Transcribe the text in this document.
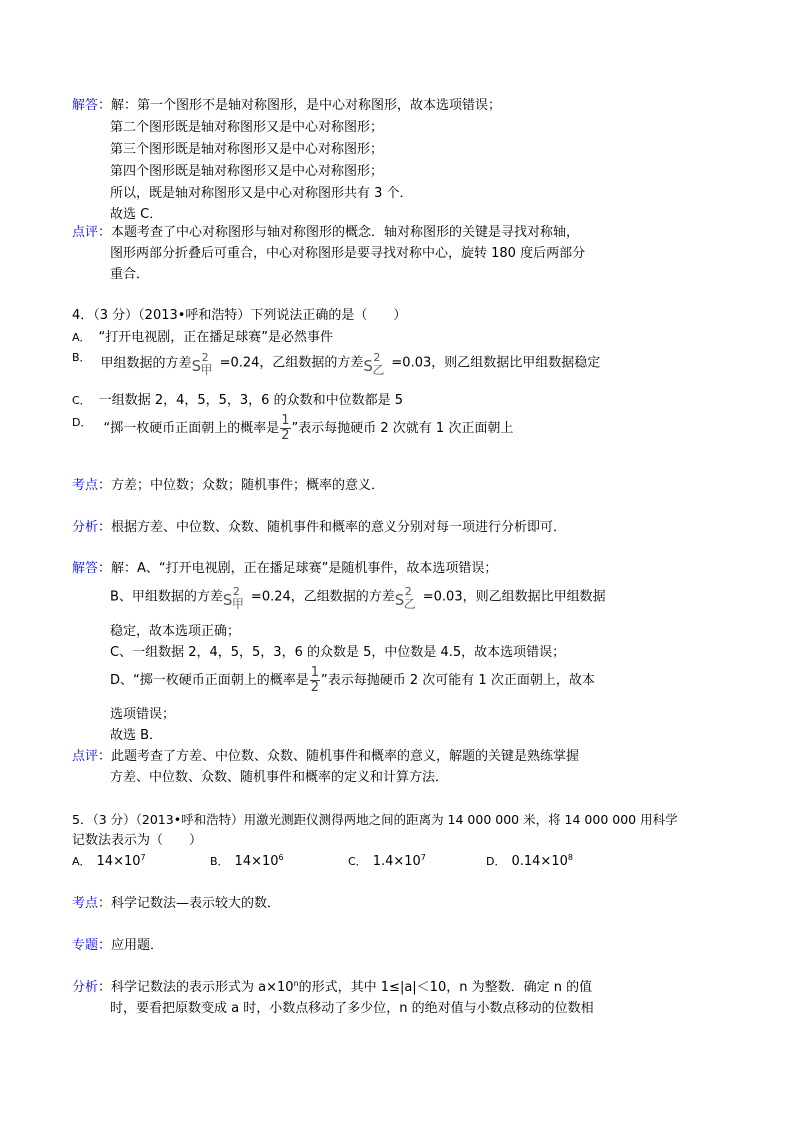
解答：解：第一个图形不是轴对称图形，是中心对称图形，故本选项错误；
第二个图形既是轴对称图形又是中心对称图形；
第三个图形既是轴对称图形又是中心对称图形；
第四个图形既是轴对称图形又是中心对称图形；
所以，既是轴对称图形又是中心对称图形共有 3 个．
故选 C．
点评：本题考查了中心对称图形与轴对称图形的概念．轴对称图形的关键是寻找对称轴，
图形两部分折叠后可重合，中心对称图形是要寻找对称中心，旋转 180 度后两部分
重合．
4．（3 分）（2013•呼和浩特）下列说法正确的是（　　）
A． “打开电视剧，正在播足球赛”是必然事件
$^{B.}$ 甲组数据的方差 S 2
甲 =0.24，乙组数据的方差 S 2
乙 =0.03，则乙组数据比甲组数据稳定
C． 一组数据 2，4，5，5，3，6 的众数和中位数都是 5
$^{D.}$ “掷一枚硬币正面朝上的概率是 $\frac{1}{2}$ ”表示每抛硬币 2 次就有 1 次正面朝上
考点：方差；中位数；众数；随机事件；概率的意义．
分析：根据方差、中位数、众数、随机事件和概率的意义分别对每一项进行分析即可．
解答：解：A、“打开电视剧，正在播足球赛”是随机事件，故本选项错误；
B、甲组数据的方差 S 2
甲 =0.24，乙组数据的方差 S 2
乙 =0.03，则乙组数据比甲组数据
稳定，故本选项正确；
C、一组数据 2，4，5，5，3，6 的众数是 5，中位数是 4.5，故本选项错误；
D、“掷一枚硬币正面朝上的概率是 $\frac{1}{2}$ ”表示每抛硬币 2 次可能有 1 次正面朝上，故本
选项错误；
故选 B．
点评：此题考查了方差、中位数、众数、随机事件和概率的意义，解题的关键是熟练掌握
方差、中位数、众数、随机事件和概率的定义和计算方法．
5．（3 分）（2013•呼和浩特）用激光测距仪测得两地之间的距离为 14 000 000 米，将 14 000 000 用科学
记数法表示为（　　）
A． $14\times 10^7$	B． $14\times 10^6$	C． $1.4\times 10^7$	D． $0.14\times 10^8$
考点：科学记数法—表示较大的数．
专题：应用题．
分析：科学记数法的表示形式为 $a\times 10^n$的形式，其中 1≤|a|＜10，n 为整数．确定 n 的值
时，要看把原数变成 a 时，小数点移动了多少位，n 的绝对值与小数点移动的位数相
